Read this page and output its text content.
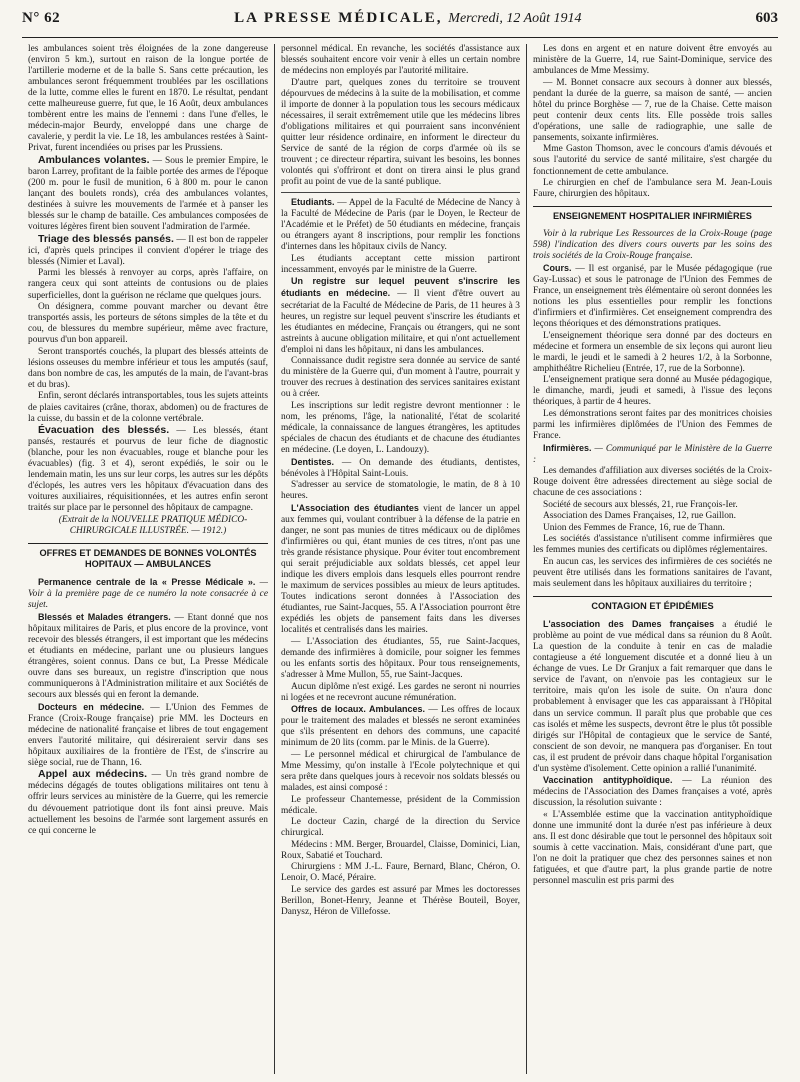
N° 62	LA PRESSE MÉDICALE, Mercredi, 12 Août 1914	603

les ambulances soient très éloignées de la zone dangereuse (environ 5 km.), surtout en raison de la longue portée de l'artillerie moderne et de la balle S. Sans cette précaution, les ambulances seront fréquemment troublées par les oscillations de la lutte, comme elles le furent en 1870. Le résultat, pendant cette malheureuse guerre, fut que, le 16 Août, deux ambulances tombèrent entre les mains de l'ennemi : dans l'une d'elles, le médecin-major Beurdy, enveloppé dans une charge de cavalerie, y perdit la vie. Le 18, les ambulances restées à Saint-Privat, furent incendiées ou prises par les Prussiens.

Ambulances volantes. — Sous le premier Empire, le baron Larrey, profitant de la faible portée des armes de l'époque (200 m. pour le fusil de munition, 6 à 800 m. pour le canon lançant des boulets ronds), créa des ambulances volantes, destinées à suivre les mouvements de l'armée et à panser les blessés sur le champ de bataille. Ces ambulances composées de voitures légères firent bien souvent l'admiration de l'armée.

Triage des blessés pansés. — Il est bon de rappeler ici, d'après quels principes il convient d'opérer le triage des blessés (Nimier et Laval).

Parmi les blessés à renvoyer au corps, après l'affaire, on rangera ceux qui sont atteints de contusions ou de plaies superficielles, dont la guérison ne réclame que quelques jours.

On désignera, comme pouvant marcher ou devant être transportés assis, les porteurs de sétons simples de la tête et du cou, de blessures du membre supérieur, même avec fracture, pourvus d'un bon appareil.

Seront transportés couchés, la plupart des blessés atteints de lésions osseuses du membre inférieur et tous les amputés (sauf, dans bon nombre de cas, les amputés de la main, de l'avant-bras et du bras).

Enfin, seront déclarés intransportables, tous les sujets atteints de plaies cavitaires (crâne, thorax, abdomen) ou de fractures de la cuisse, du bassin et de la colonne vertébrale.

Évacuation des blessés. — Les blessés, étant pansés, restaurés et pourvus de leur fiche de diagnostic (blanche, pour les non évacuables, rouge et blanche pour les évacuables) (fig. 3 et 4), seront expédiés, le soir ou le lendemain matin, les uns sur leur corps, les autres sur les dépôts d'éclopés, les autres vers les hôpitaux d'évacuation dans des voitures auxiliaires, réquisitionnées, et les autres enfin seront traités sur place par le personnel des hôpitaux de campagne.

(Extrait de la NOUVELLE PRATIQUE MÉDICO-CHIRURGICALE ILLUSTRÉE. — 1912.)

OFFRES ET DEMANDES DE BONNES VOLONTÉS HOPITAUX — AMBULANCES

Permanence centrale de la « Presse Médicale ». — Voir à la première page de ce numéro la note consacrée à ce sujet.

Blessés et Malades étrangers. — Etant donné que nos hôpitaux militaires de Paris, et plus encore de la province, vont recevoir des blessés étrangers, il est important que les médecins et étudiants en médecine, parlant une ou plusieurs langues étrangères, soient connus. Dans ce but, La Presse Médicale ouvre dans ses bureaux, un registre d'inscription que nous communiquerons à l'Administration militaire et aux Sociétés de secours aux blessés qui en feront la demande.

Docteurs en médecine. — L'Union des Femmes de France (Croix-Rouge française) prie MM. les Docteurs en médecine de nationalité française et libres de tout engagement envers l'autorité militaire, qui désireraient servir dans ses hôpitaux auxiliaires de la frontière de l'Est, de s'inscrire au siège social, rue de Thann, 16.

Appel aux médecins. — Un très grand nombre de médecins dégagés de toutes obligations militaires ont tenu à offrir leurs services au ministère de la Guerre, qui les remercie du dévouement patriotique dont ils font ainsi preuve. Mais actuellement les besoins de l'armée sont largement assurés en ce qui concerne le

personnel médical. En revanche, les sociétés d'assistance aux blessés souhaitent encore voir venir à elles un certain nombre de médecins non employés par l'autorité militaire.

D'autre part, quelques zones du territoire se trouvent dépourvues de médecins à la suite de la mobilisation, et comme il importe de donner à la population tous les secours médicaux nécessaires, il serait extrêmement utile que les médecins libres d'obligations militaires et qui pourraient sans inconvénient quitter leur résidence ordinaire, en informent le directeur du Service de santé de la région de corps d'armée où ils se trouvent ; ce directeur répartira, suivant les besoins, les bonnes volontés qui s'offriront et dont on tirera ainsi le plus grand profit au point de vue de la santé publique.

Etudiants. — Appel de la Faculté de Médecine de Nancy à la Faculté de Médecine de Paris (par le Doyen, le Recteur de l'Académie et le Préfet) de 50 étudiants en médecine, français ou étrangers ayant 8 inscriptions, pour remplir les fonctions d'internes dans les hôpitaux civils de Nancy.

Les étudiants acceptant cette mission partiront incessamment, envoyés par le ministre de la Guerre.

Un registre sur lequel peuvent s'inscrire les étudiants en médecine. — Il vient d'être ouvert au secrétariat de la Faculté de Médecine de Paris, de 11 heures à 3 heures, un registre sur lequel peuvent s'inscrire les étudiants et les étudiantes en médecine, Français ou étrangers, qui ne sont astreints à aucune obligation militaire, et qui n'ont actuellement d'emploi ni dans les hôpitaux, ni dans les ambulances.

Connaissance dudit registre sera donnée au service de santé du ministère de la Guerre qui, d'un moment à l'autre, pourrait y trouver des recrues à destination des services sanitaires existant ou à créer.

Les inscriptions sur ledit registre devront mentionner : le nom, les prénoms, l'âge, la nationalité, l'état de scolarité médicale, la connaissance de langues étrangères, les aptitudes spéciales de chacun des étudiants et de chacune des étudiantes en médecine. (Le doyen, L. Landouzy).

Dentistes. — On demande des étudiants, dentistes, bénévoles à l'Hôpital Saint-Louis.

S'adresser au service de stomatologie, le matin, de 8 à 10 heures.

L'Association des étudiantes vient de lancer un appel aux femmes qui, voulant contribuer à la défense de la patrie en danger, ne sont pas munies de titres médicaux ou de diplômes d'infirmières ou qui, étant munies de ces titres, n'ont pas une très grande résistance physique. Pour éviter tout encombrement qui serait préjudiciable aux soldats blessés, cet appel leur indique les divers emplois dans lesquels elles pourront rendre le maximum de services possibles au mieux de leurs aptitudes. Toutes indications seront données à l'Association des étudiantes, rue Saint-Jacques, 55. A l'Association pourront être expédiés les objets de pansement faits dans les diverses localités et centralisés dans les mairies.

— L'Association des étudiantes, 55, rue Saint-Jacques, demande des infirmières à domicile, pour soigner les femmes ou les enfants sortis des hôpitaux. Pour tous renseignements, s'adresser à Mme Mullon, 55, rue Saint-Jacques.

Aucun diplôme n'est exigé. Les gardes ne seront ni nourries ni logées et ne recevront aucune rémunération.

Offres de locaux. Ambulances. — Les offres de locaux pour le traitement des malades et blessés ne seront examinées que s'ils présentent en dehors des communs, une capacité minimum de 20 lits (comm. par le Minis. de la Guerre).

— Le personnel médical et chirurgical de l'ambulance de Mme Messimy, qu'on installe à l'Ecole polytechnique et qui sera prête dans quelques jours à recevoir nos soldats blessés ou malades, est ainsi composé :

Le professeur Chantemesse, président de la Commission médicale.

Le docteur Cazin, chargé de la direction du Service chirurgical.

Médecins : MM. Berger, Brouardel, Claisse, Dominici, Lian, Roux, Sabatié et Touchard.

Chirurgiens : MM J.-L. Faure, Bernard, Blanc, Chéron, O. Lenoir, O. Macé, Péraire.

Le service des gardes est assuré par Mmes les doctoresses Berillon, Bonet-Henry, Jeanne et Thérèse Bouteil, Boyer, Danysz, Héron de Villefosse.

Les dons en argent et en nature doivent être envoyés au ministère de la Guerre, 14, rue Saint-Dominique, service des ambulances de Mme Messimy.

— M. Bonnet consacre aux secours à donner aux blessés, pendant la durée de la guerre, sa maison de santé, — ancien hôtel du prince Borghèse — 7, rue de la Chaise. Cette maison peut contenir deux cents lits. Elle possède trois salles d'opérations, une salle de radiographie, une salle de pansements, soixante infirmières.

Mme Gaston Thomson, avec le concours d'amis dévoués et sous l'autorité du service de santé militaire, s'est chargée du fonctionnement de cette ambulance.

Le chirurgien en chef de l'ambulance sera M. Jean-Louis Faure, chirurgien des hôpitaux.

ENSEIGNEMENT HOSPITALIER INFIRMIÈRES

Voir à la rubrique Les Ressources de la Croix-Rouge (page 598) l'indication des divers cours ouverts par les soins des trois sociétés de la Croix-Rouge française.

Cours. — Il est organisé, par le Musée pédagogique (rue Gay-Lussac) et sous le patronage de l'Union des Femmes de France, un enseignement très élémentaire où seront données les notions les plus essentielles pour remplir les fonctions d'infirmiers et d'infirmières. Cet enseignement comprendra des leçons théoriques et des démonstrations pratiques.

L'enseignement théorique sera donné par des docteurs en médecine et formera un ensemble de six leçons qui auront lieu le mardi, le jeudi et le samedi à 2 heures 1/2, à la Sorbonne, amphithéâtre Richelieu (Entrée, 17, rue de la Sorbonne).

L'enseignement pratique sera donné au Musée pédagogique, le dimanche, mardi, jeudi et samedi, à l'issue des leçons théoriques, à partir de 4 heures.

Les démonstrations seront faites par des monitrices choisies parmi les infirmières diplômées de l'Union des Femmes de France.

Infirmières. — Communiqué par le Ministère de la Guerre :

Les demandes d'affiliation aux diverses sociétés de la Croix-Rouge doivent être adressées directement au siège social de chacune de ces associations :

Société de secours aux blessés, 21, rue François-Ier.

Association des Dames Françaises, 12, rue Gaillon.

Union des Femmes de France, 16, rue de Thann.

Les sociétés d'assistance n'utilisent comme infirmières que les femmes munies des certificats ou diplômes réglementaires.

En aucun cas, les services des infirmières de ces sociétés ne peuvent être utilisés dans les formations sanitaires de l'avant, mais seulement dans les hôpitaux auxiliaires du territoire ;

CONTAGION ET ÉPIDÉMIES

L'association des Dames françaises a étudié le problème au point de vue médical dans sa réunion du 8 Août. La question de la conduite à tenir en cas de maladie contagieuse a été longuement discutée et a donné lieu à un échange de vues. Le Dr Granjux a fait remarquer que dans le service de l'avant, on n'envoie pas les contagieux sur le territoire, mais qu'on les isole de suite. On n'aura donc probablement à envisager que les cas apparaissant à l'Hôpital dans un service commun. Il paraît plus que probable que ces cas isolés et même les suspects, devront être le plus tôt possible dirigés sur l'Hôpital de contagieux que le service de Santé, conscient de son devoir, ne manquera pas d'organiser. En tout cas, il est prudent de prévoir dans chaque hôpital l'organisation d'un système d'isolement. Cette opinion a rallié l'unanimité.

Vaccination antityphoïdique. — La réunion des médecins de l'Association des Dames françaises a voté, après discussion, la résolution suivante :

« L'Assemblée estime que la vaccination antityphoïdique donne une immunité dont la durée n'est pas inférieure à deux ans. Il est donc désirable que tout le personnel des hôpitaux soit soumis à cette vaccination. Mais, considérant d'une part, que l'on ne doit la pratiquer que chez des personnes saines et non fatiguées, et que d'autre part, la plus grande partie de notre personnel masculin est pris parmi des
